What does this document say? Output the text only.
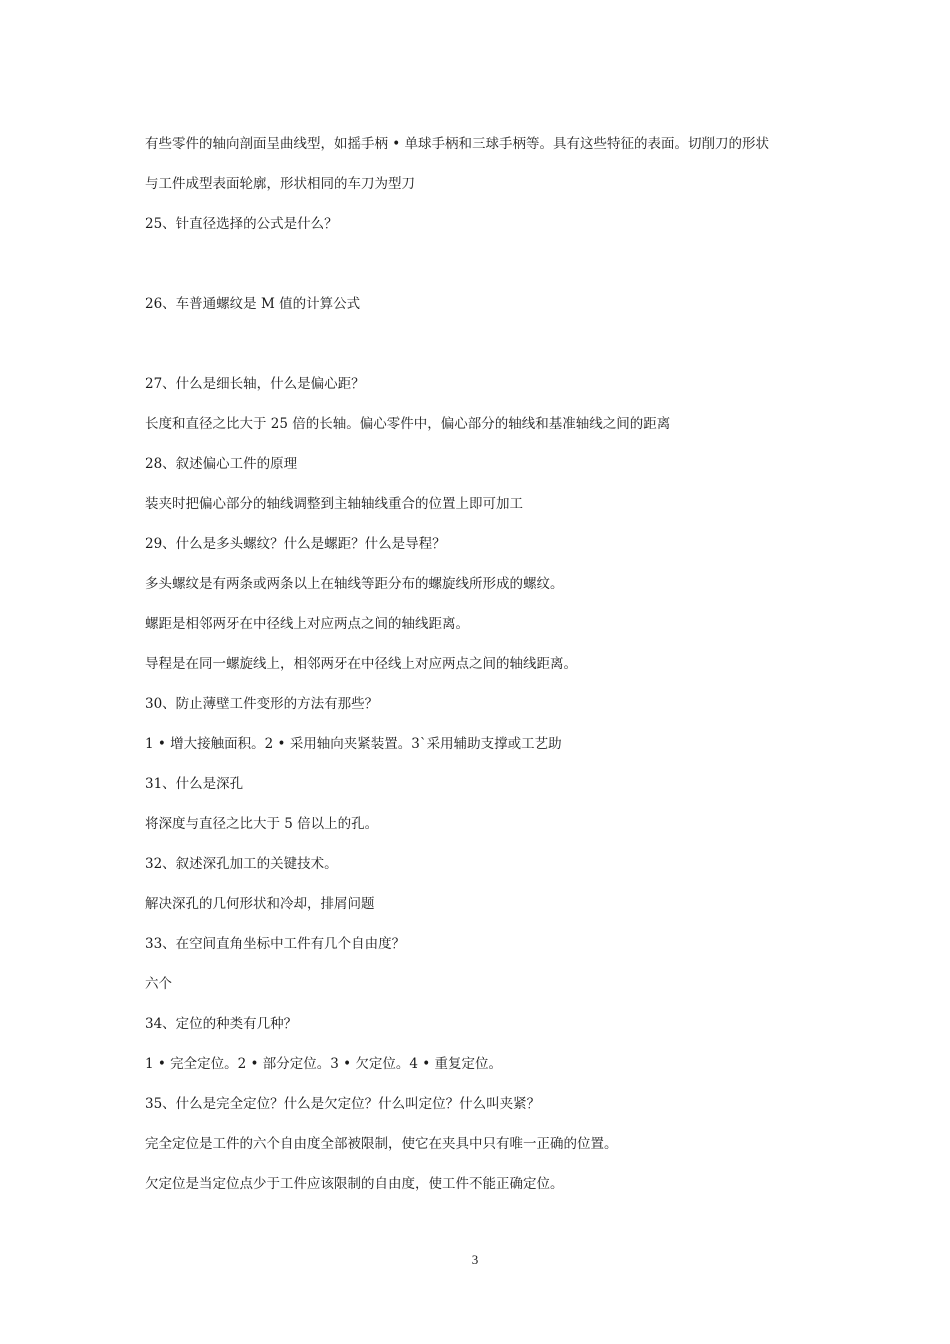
有些零件的轴向剖面呈曲线型，如摇手柄 • 单球手柄和三球手柄等。具有这些特征的表面。切削刀的形状
与工件成型表面轮廓，形状相同的车刀为型刀
25、针直径选择的公式是什么？
26、车普通螺纹是 M 值的计算公式
27、什么是细长轴，什么是偏心距？
长度和直径之比大于 25 倍的长轴。偏心零件中，偏心部分的轴线和基准轴线之间的距离
28、叙述偏心工件的原理
装夹时把偏心部分的轴线调整到主轴轴线重合的位置上即可加工
29、什么是多头螺纹？什么是螺距？什么是导程？
多头螺纹是有两条或两条以上在轴线等距分布的螺旋线所形成的螺纹。
螺距是相邻两牙在中径线上对应两点之间的轴线距离。
导程是在同一螺旋线上，相邻两牙在中径线上对应两点之间的轴线距离。
30、防止薄壁工件变形的方法有那些？
1 • 增大接触面积。2 • 采用轴向夹紧装置。3`采用辅助支撑或工艺助
31、什么是深孔
将深度与直径之比大于 5 倍以上的孔。
32、叙述深孔加工的关键技术。
解决深孔的几何形状和冷却，排屑问题
33、在空间直角坐标中工件有几个自由度？
六个
34、定位的种类有几种？
1 • 完全定位。2 • 部分定位。3 • 欠定位。4 • 重复定位。
35、什么是完全定位？什么是欠定位？什么叫定位？什么叫夹紧？
完全定位是工件的六个自由度全部被限制，使它在夹具中只有唯一正确的位置。
欠定位是当定位点少于工件应该限制的自由度，使工件不能正确定位。
3
